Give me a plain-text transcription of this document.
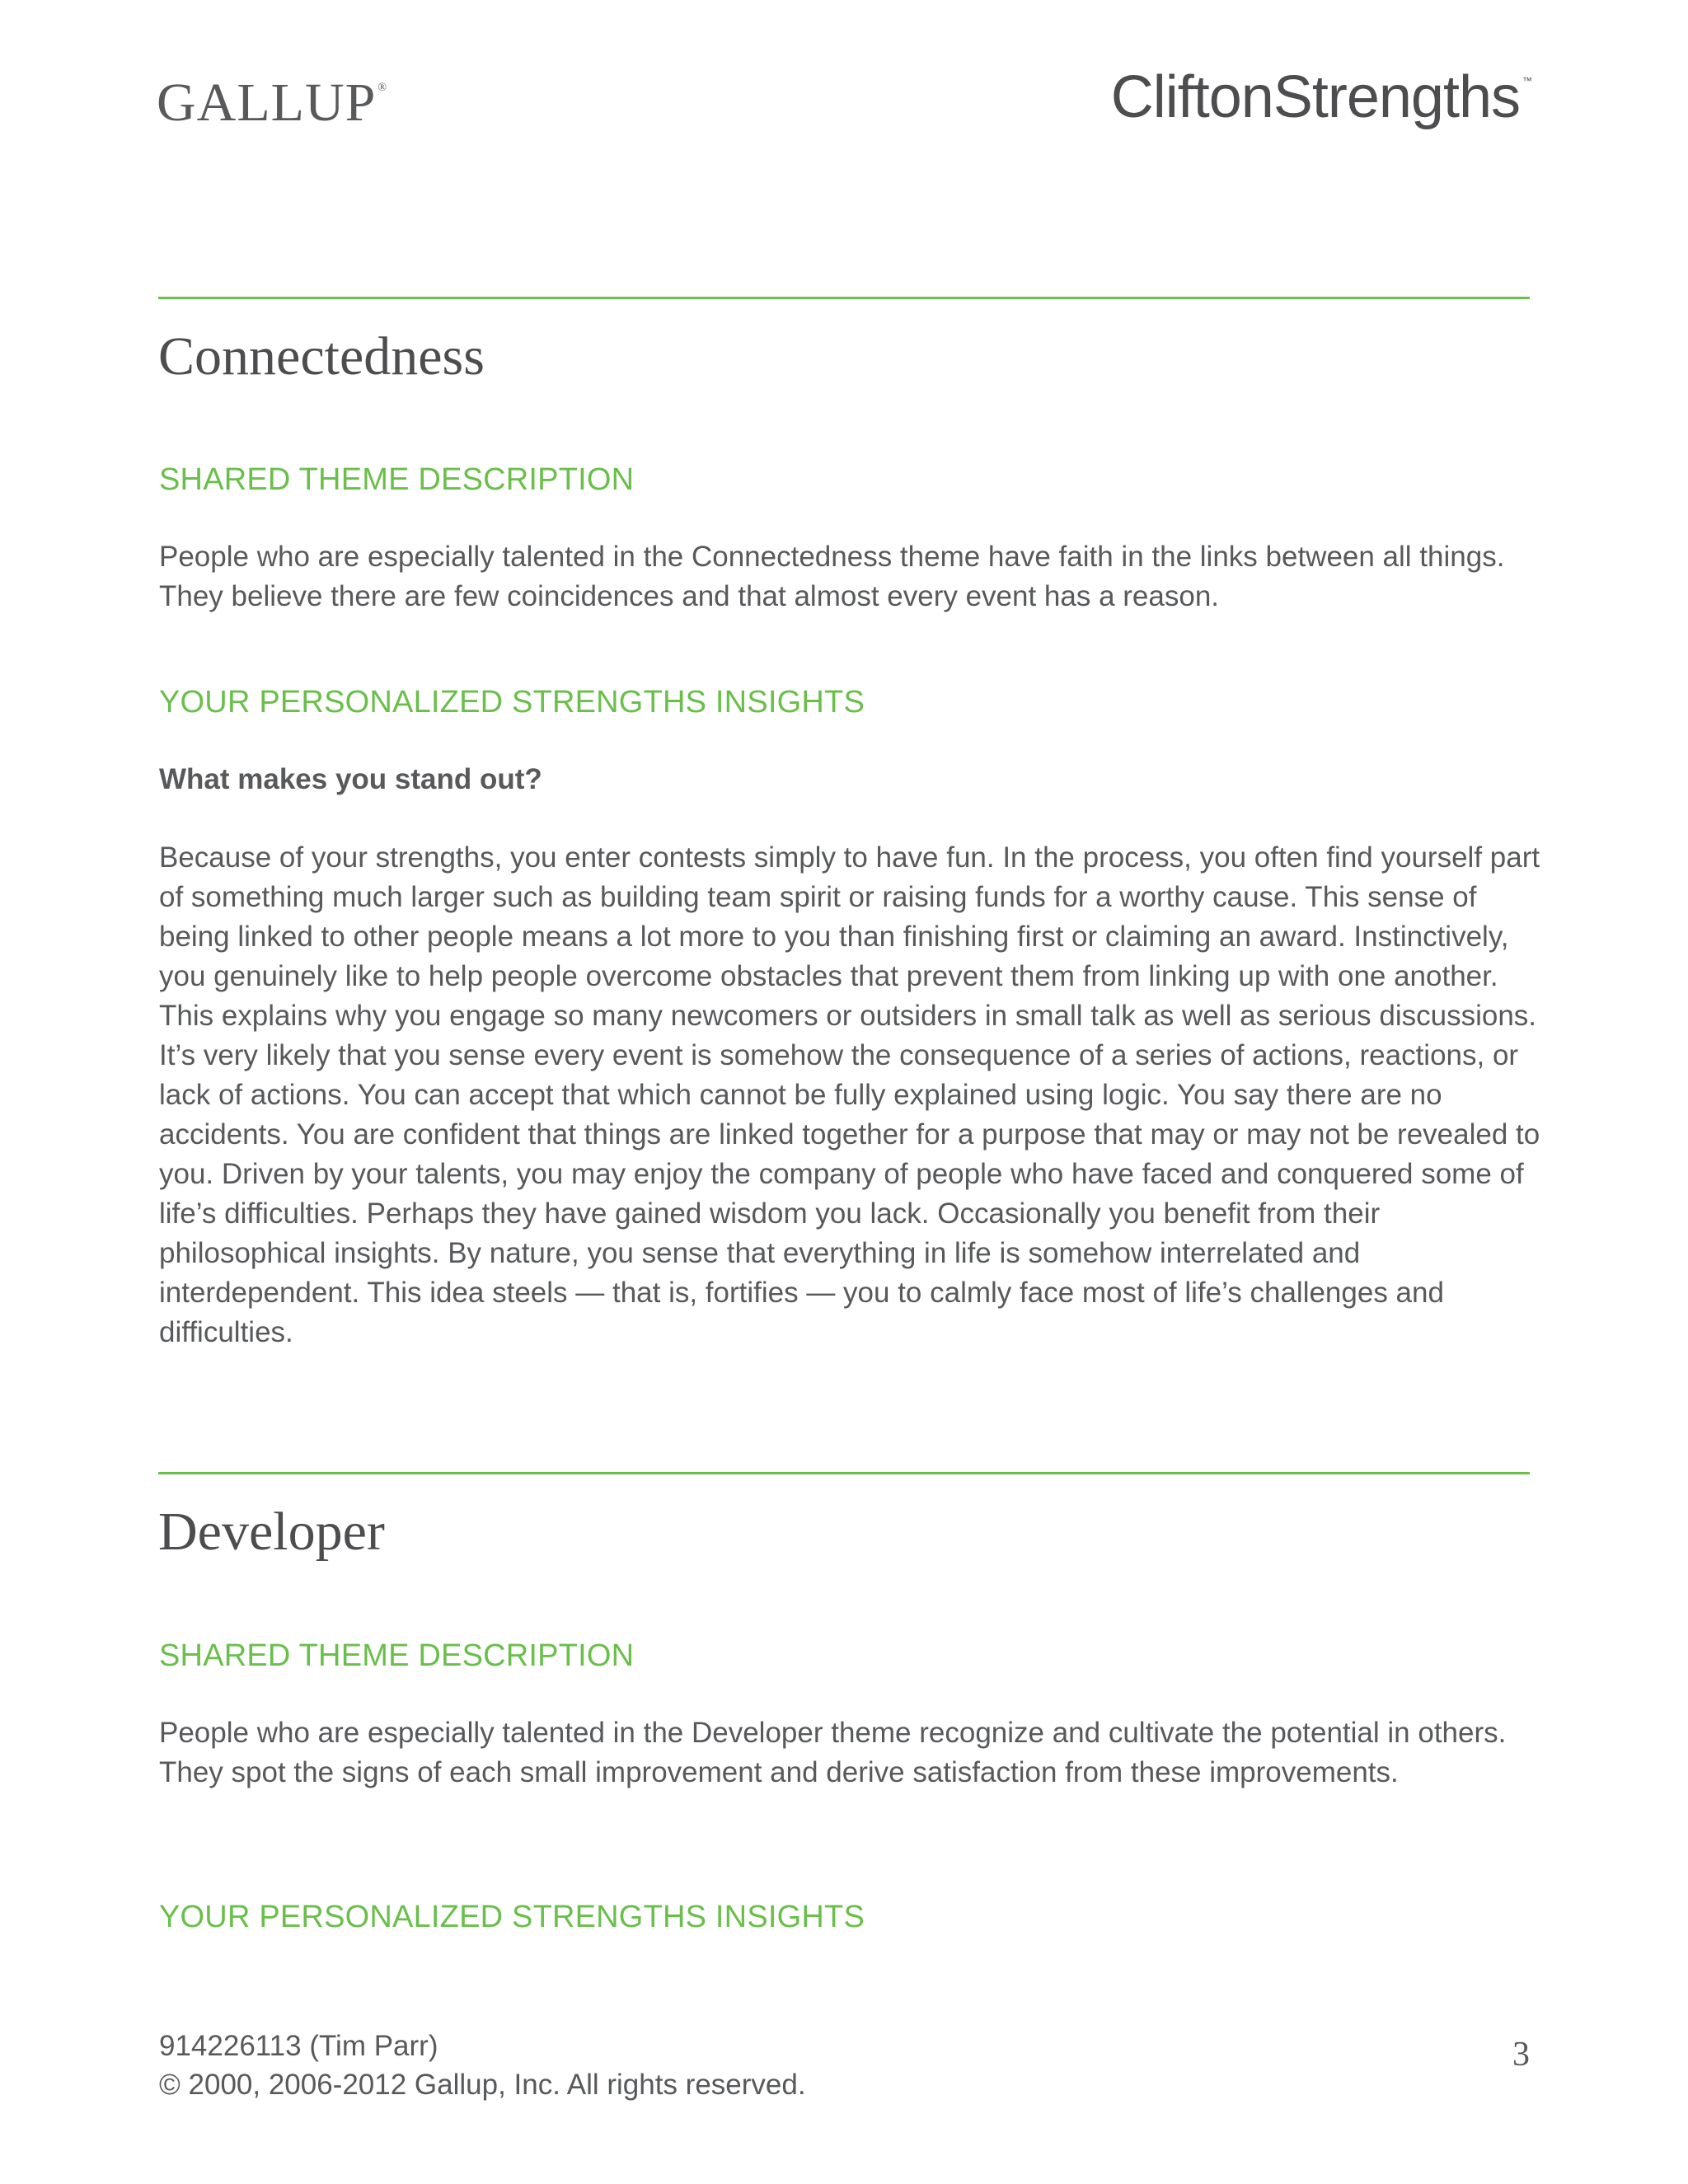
GALLUP ®	CliftonStrengths ™
Connectedness
SHARED THEME DESCRIPTION

People who are especially talented in the Connectedness theme have faith in the links between all things. They believe there are few coincidences and that almost every event has a reason.

YOUR PERSONALIZED STRENGTHS INSIGHTS
What makes you stand out?

Because of your strengths, you enter contests simply to have fun. In the process, you often find yourself part of something much larger such as building team spirit or raising funds for a worthy cause. This sense of being linked to other people means a lot more to you than finishing first or claiming an award. Instinctively, you genuinely like to help people overcome obstacles that prevent them from linking up with one another. This explains why you engage so many newcomers or outsiders in small talk as well as serious discussions. It’s very likely that you sense every event is somehow the consequence of a series of actions, reactions, or lack of actions. You can accept that which cannot be fully explained using logic. You say there are no accidents. You are confident that things are linked together for a purpose that may or may not be revealed to you. Driven by your talents, you may enjoy the company of people who have faced and conquered some of life’s difficulties. Perhaps they have gained wisdom you lack. Occasionally you benefit from their philosophical insights. By nature, you sense that everything in life is somehow interrelated and interdependent. This idea steels — that is, fortifies — you to calmly face most of life’s challenges and difficulties.

Developer
SHARED THEME DESCRIPTION

People who are especially talented in the Developer theme recognize and cultivate the potential in others. They spot the signs of each small improvement and derive satisfaction from these improvements.

YOUR PERSONALIZED STRENGTHS INSIGHTS
914226113 (Tim Parr)
© 2000, 2006-2012 Gallup, Inc. All rights reserved.
3
